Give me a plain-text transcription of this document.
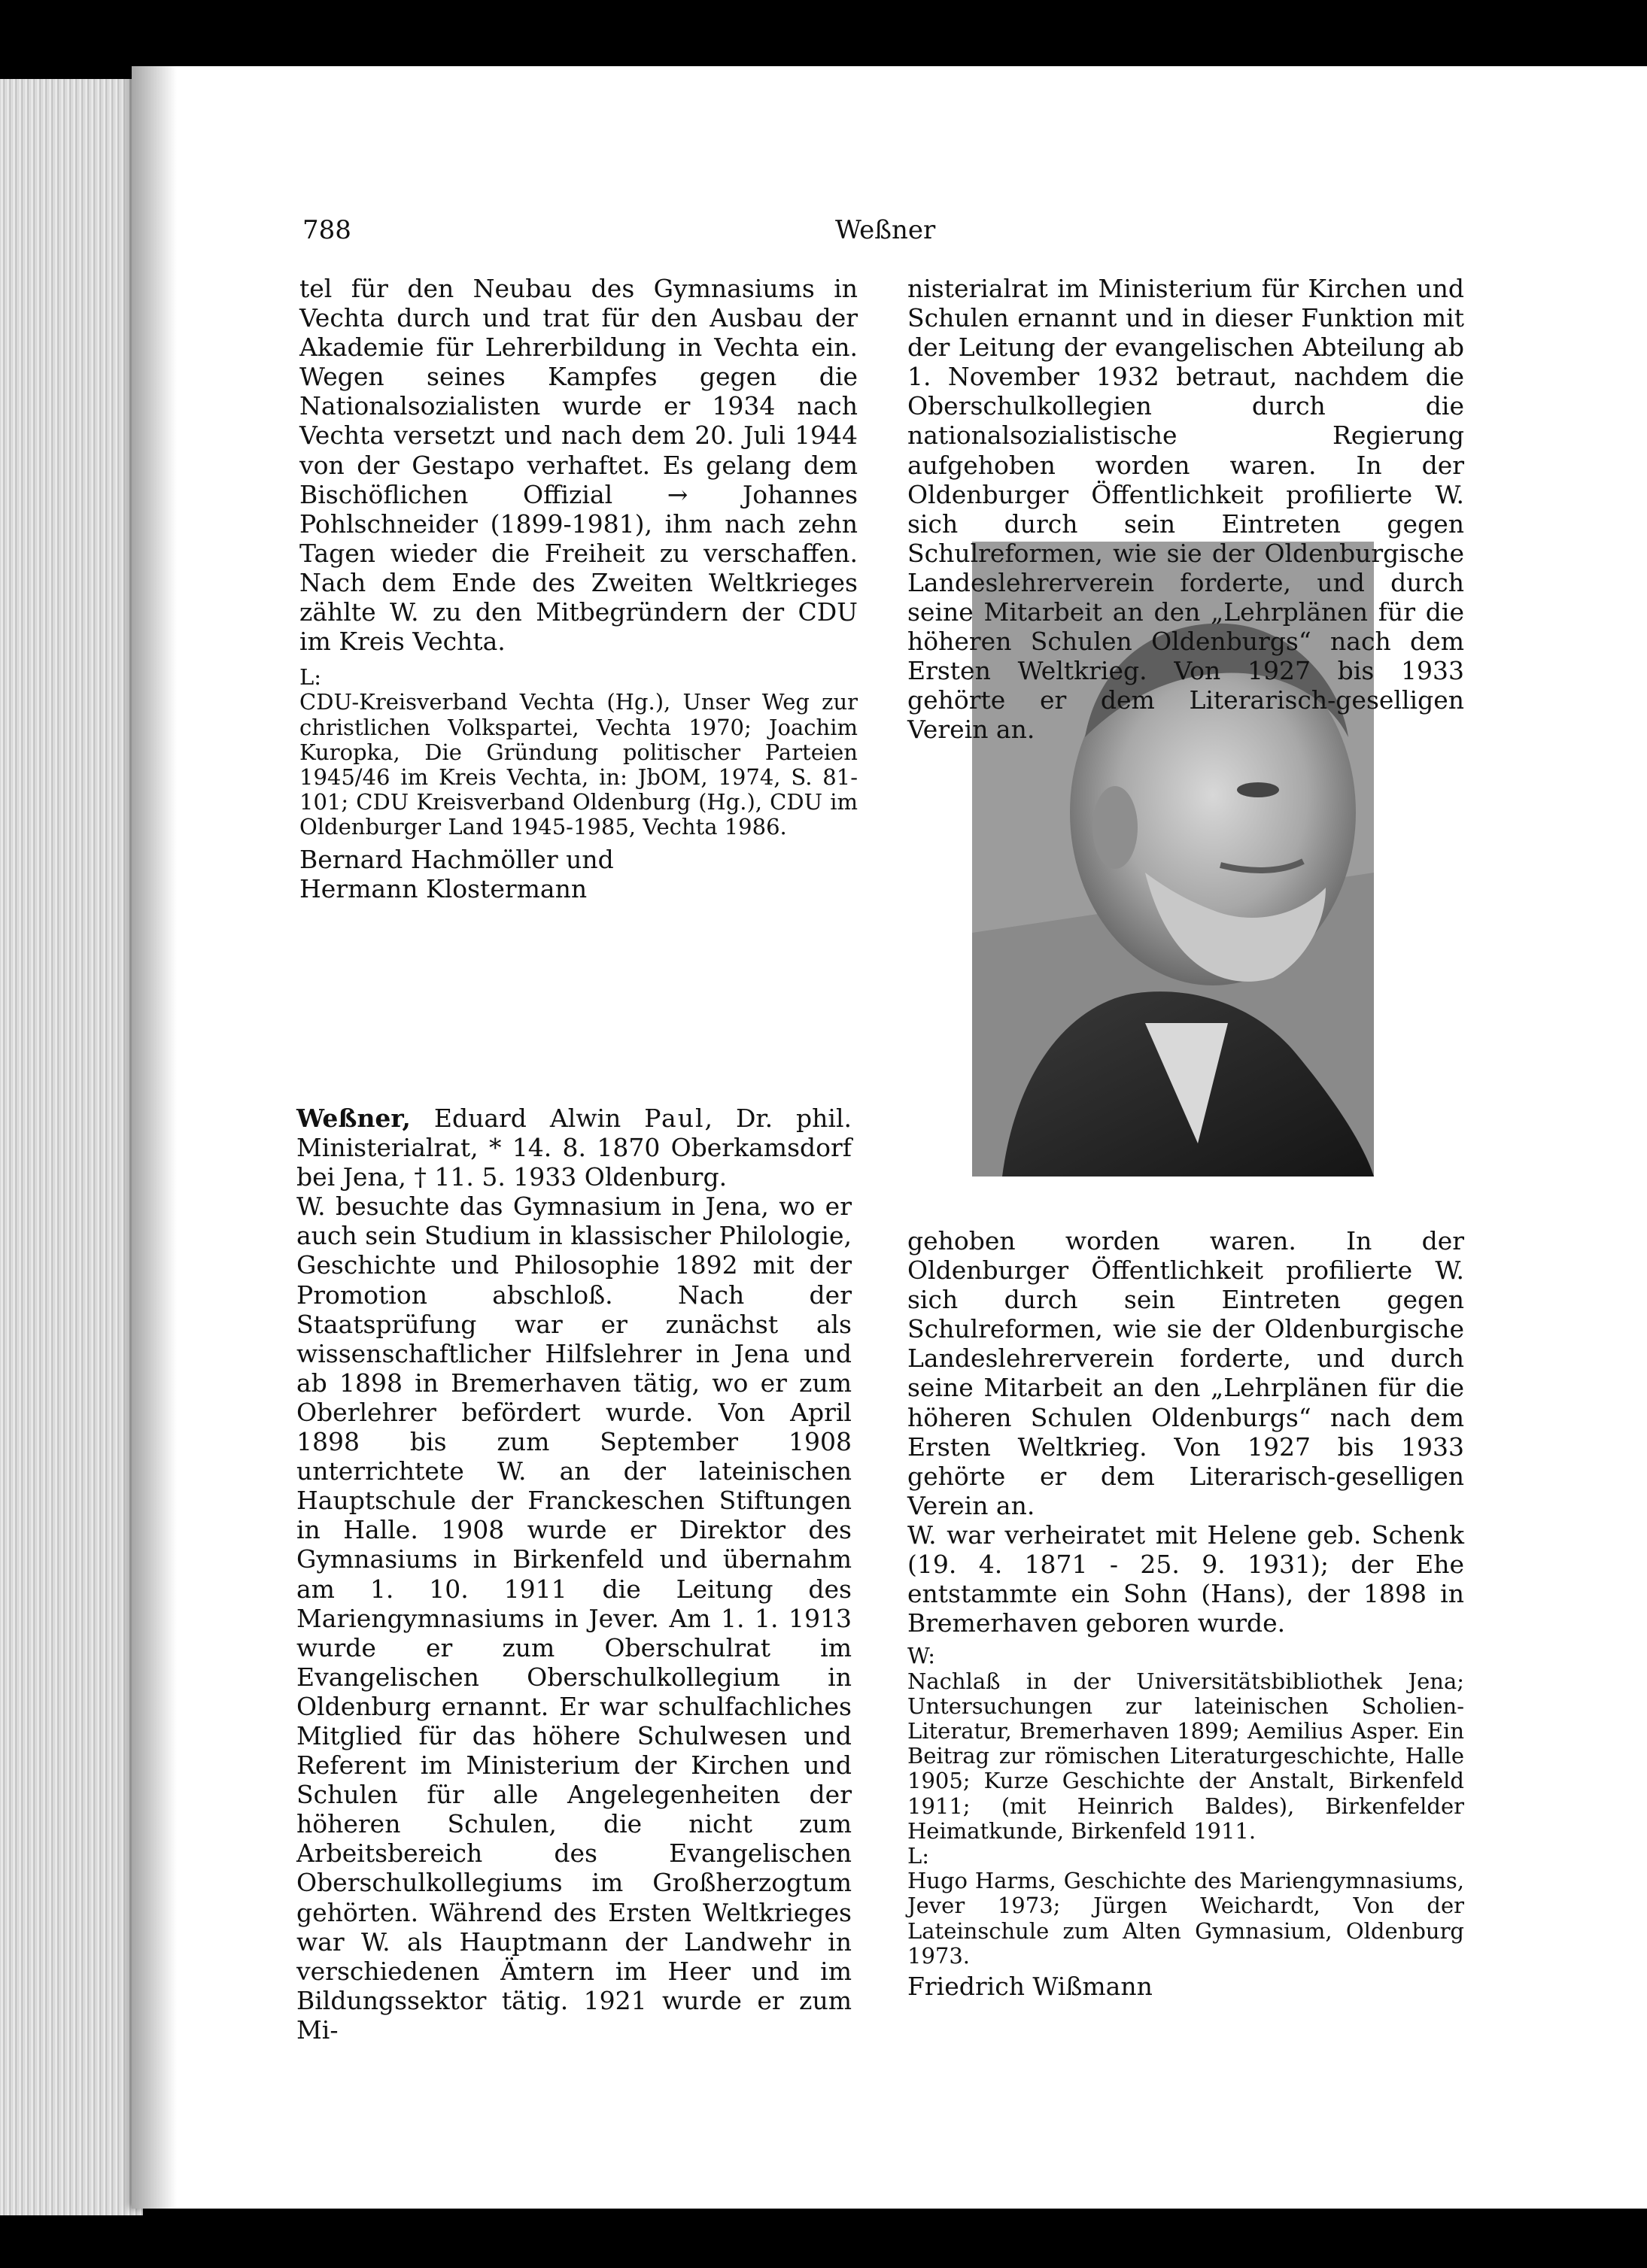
788	Weßner

tel für den Neubau des Gymnasiums in Vechta durch und trat für den Ausbau der Akademie für Lehrerbildung in Vechta ein. Wegen seines Kampfes gegen die Nationalsozialisten wurde er 1934 nach Vechta versetzt und nach dem 20. Juli 1944 von der Gestapo verhaftet. Es gelang dem Bischöflichen Offizial → Johannes Pohlschneider (1899-1981), ihm nach zehn Tagen wieder die Freiheit zu verschaffen. Nach dem Ende des Zweiten Weltkrieges zählte W. zu den Mitbegründern der CDU im Kreis Vechta.

L:

CDU-Kreisverband Vechta (Hg.), Unser Weg zur christlichen Volkspartei, Vechta 1970; Joachim Kuropka, Die Gründung politischer Parteien 1945/46 im Kreis Vechta, in: JbOM, 1974, S. 81-101; CDU Kreisverband Oldenburg (Hg.), CDU im Oldenburger Land 1945-1985, Vechta 1986.

Bernard Hachmöller und

Hermann Klostermann

Weßner, Eduard Alwin Paul, Dr. phil. Ministerialrat, * 14. 8. 1870 Oberkamsdorf bei Jena, † 11. 5. 1933 Oldenburg.

W. besuchte das Gymnasium in Jena, wo er auch sein Studium in klassischer Philologie, Geschichte und Philosophie 1892 mit der Promotion abschloß. Nach der Staatsprüfung war er zunächst als wissenschaftlicher Hilfslehrer in Jena und ab 1898 in Bremerhaven tätig, wo er zum Oberlehrer befördert wurde. Von April 1898 bis zum September 1908 unterrichtete W. an der lateinischen Hauptschule der Franckeschen Stiftungen in Halle. 1908 wurde er Direktor des Gymnasiums in Birkenfeld und übernahm am 1. 10. 1911 die Leitung des Mariengymnasiums in Jever. Am 1. 1. 1913 wurde er zum Oberschulrat im Evangelischen Oberschulkollegium in Oldenburg ernannt. Er war schulfachliches Mitglied für das höhere Schulwesen und Referent im Ministerium der Kirchen und Schulen für alle Angelegenheiten der höheren Schulen, die nicht zum Arbeitsbereich des Evangelischen Oberschulkollegiums im Großherzogtum gehörten. Während des Ersten Weltkrieges war W. als Hauptmann der Landwehr in verschiedenen Ämtern im Heer und im Bildungssektor tätig. 1921 wurde er zum Mi-

nisterialrat im Ministerium für Kirchen und Schulen ernannt und in dieser Funktion mit der Leitung der evangelischen Abteilung ab 1. November 1932 betraut, nachdem die Oberschulkollegien durch die nationalsozialistische Regierung aufgehoben worden waren. In der Oldenburger Öffentlichkeit profilierte W. sich durch sein Eintreten gegen Schulreformen, wie sie der Oldenburgische Landeslehrerverein forderte, und durch seine Mitarbeit an den „Lehrplänen für die höheren Schulen Oldenburgs“ nach dem Ersten Weltkrieg. Von 1927 bis 1933 gehörte er dem Literarisch-geselligen Verein an.

gehoben worden waren. In der Oldenburger Öffentlichkeit profilierte W. sich durch sein Eintreten gegen Schulreformen, wie sie der Oldenburgische Landeslehrerverein forderte, und durch seine Mitarbeit an den „Lehrplänen für die höheren Schulen Oldenburgs“ nach dem Ersten Weltkrieg. Von 1927 bis 1933 gehörte er dem Literarisch-geselligen Verein an.

W. war verheiratet mit Helene geb. Schenk (19. 4. 1871 - 25. 9. 1931); der Ehe entstammte ein Sohn (Hans), der 1898 in Bremerhaven geboren wurde.

W:

Nachlaß in der Universitätsbibliothek Jena; Untersuchungen zur lateinischen Scholien-Literatur, Bremerhaven 1899; Aemilius Asper. Ein Beitrag zur römischen Literaturgeschichte, Halle 1905; Kurze Geschichte der Anstalt, Birkenfeld 1911; (mit Heinrich Baldes), Birkenfelder Heimatkunde, Birkenfeld 1911.

L:

Hugo Harms, Geschichte des Mariengymnasiums, Jever 1973; Jürgen Weichardt, Von der Lateinschule zum Alten Gymnasium, Oldenburg 1973.

Friedrich Wißmann
